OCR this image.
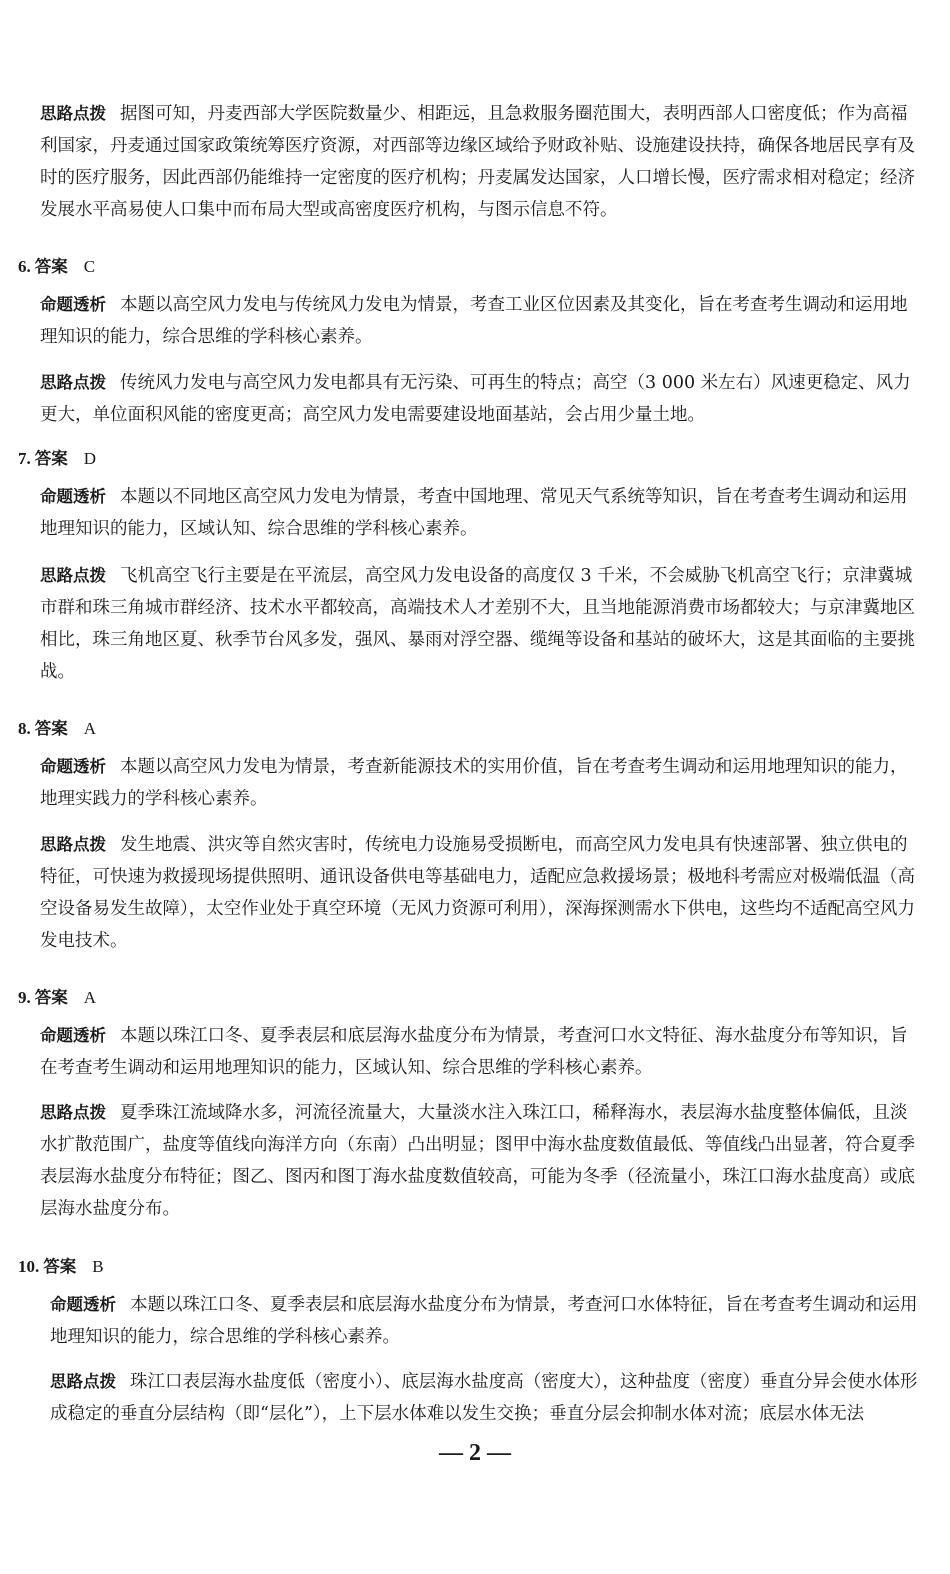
思路点拨 据图可知，丹麦西部大学医院数量少、相距远，且急救服务圈范围大，表明西部人口密度低；作为高福利国家，丹麦通过国家政策统筹医疗资源，对西部等边缘区域给予财政补贴、设施建设扶持，确保各地居民享有及时的医疗服务，因此西部仍能维持一定密度的医疗机构；丹麦属发达国家，人口增长慢，医疗需求相对稳定；经济发展水平高易使人口集中而布局大型或高密度医疗机构，与图示信息不符。
6. 答案 C
命题透析 本题以高空风力发电与传统风力发电为情景，考查工业区位因素及其变化，旨在考查考生调动和运用地理知识的能力，综合思维的学科核心素养。
思路点拨 传统风力发电与高空风力发电都具有无污染、可再生的特点；高空（3 000 米左右）风速更稳定、风力更大，单位面积风能的密度更高；高空风力发电需要建设地面基站，会占用少量土地。
7. 答案 D
命题透析 本题以不同地区高空风力发电为情景，考查中国地理、常见天气系统等知识，旨在考查考生调动和运用地理知识的能力，区域认知、综合思维的学科核心素养。
思路点拨 飞机高空飞行主要是在平流层，高空风力发电设备的高度仅 3 千米，不会威胁飞机高空飞行；京津冀城市群和珠三角城市群经济、技术水平都较高，高端技术人才差别不大，且当地能源消费市场都较大；与京津冀地区相比，珠三角地区夏、秋季节台风多发，强风、暴雨对浮空器、缆绳等设备和基站的破坏大，这是其面临的主要挑战。
8. 答案 A
命题透析 本题以高空风力发电为情景，考查新能源技术的实用价值，旨在考查考生调动和运用地理知识的能力，地理实践力的学科核心素养。
思路点拨 发生地震、洪灾等自然灾害时，传统电力设施易受损断电，而高空风力发电具有快速部署、独立供电的特征，可快速为救援现场提供照明、通讯设备供电等基础电力，适配应急救援场景；极地科考需应对极端低温（高空设备易发生故障），太空作业处于真空环境（无风力资源可利用），深海探测需水下供电，这些均不适配高空风力发电技术。
9. 答案 A
命题透析 本题以珠江口冬、夏季表层和底层海水盐度分布为情景，考查河口水文特征、海水盐度分布等知识，旨在考查考生调动和运用地理知识的能力，区域认知、综合思维的学科核心素养。
思路点拨 夏季珠江流域降水多，河流径流量大，大量淡水注入珠江口，稀释海水，表层海水盐度整体偏低，且淡水扩散范围广，盐度等值线向海洋方向（东南）凸出明显；图甲中海水盐度数值最低、等值线凸出显著，符合夏季表层海水盐度分布特征；图乙、图丙和图丁海水盐度数值较高，可能为冬季（径流量小，珠江口海水盐度高）或底层海水盐度分布。
10. 答案 B
命题透析 本题以珠江口冬、夏季表层和底层海水盐度分布为情景，考查河口水体特征，旨在考查考生调动和运用地理知识的能力，综合思维的学科核心素养。
思路点拨 珠江口表层海水盐度低（密度小）、底层海水盐度高（密度大），这种盐度（密度）垂直分异会使水体形成稳定的垂直分层结构（即“层化”），上下层水体难以发生交换；垂直分层会抑制水体对流；底层水体无法
— 2 —
